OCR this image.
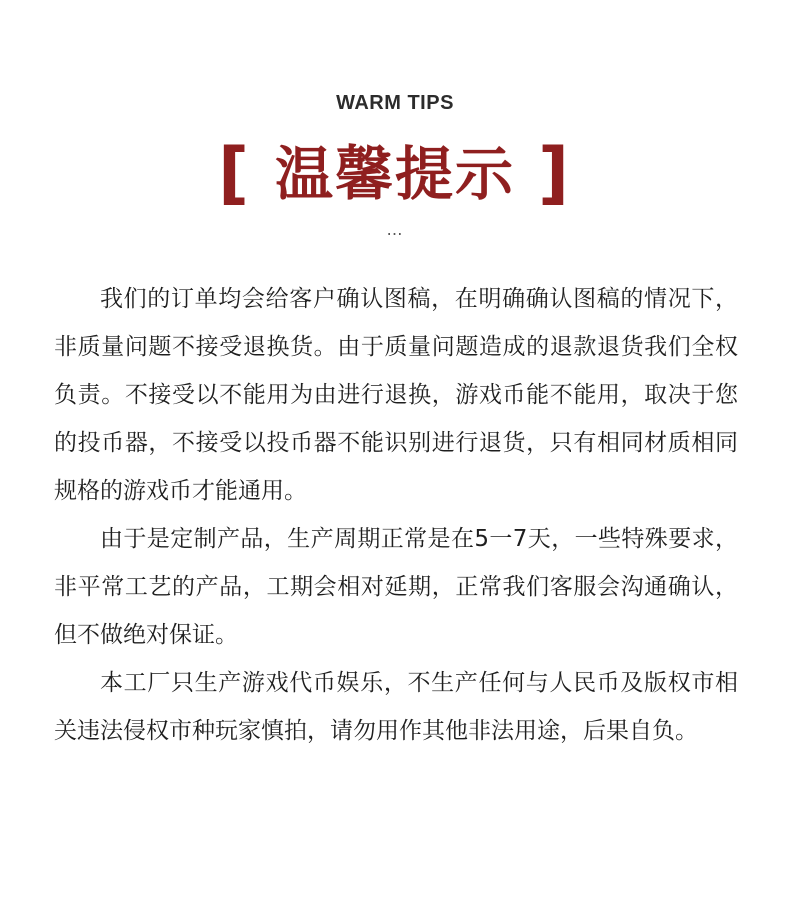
WARM TIPS
[ 温馨提示 ]
…

我们的订单均会给客户确认图稿，在明确确认图稿的情况下，非质量问题不接受退换货。由于质量问题造成的退款退货我们全权负责。不接受以不能用为由进行退换，游戏币能不能用，取决于您的投币器，不接受以投币器不能识别进行退货，只有相同材质相同规格的游戏币才能通用。

由于是定制产品，生产周期正常是在5一7天，一些特殊要求，非平常工艺的产品，工期会相对延期，正常我们客服会沟通确认，但不做绝对保证。

本工厂只生产游戏代币娱乐，不生产任何与人民币及版权市相关违法侵权市种玩家慎拍，请勿用作其他非法用途，后果自负。
